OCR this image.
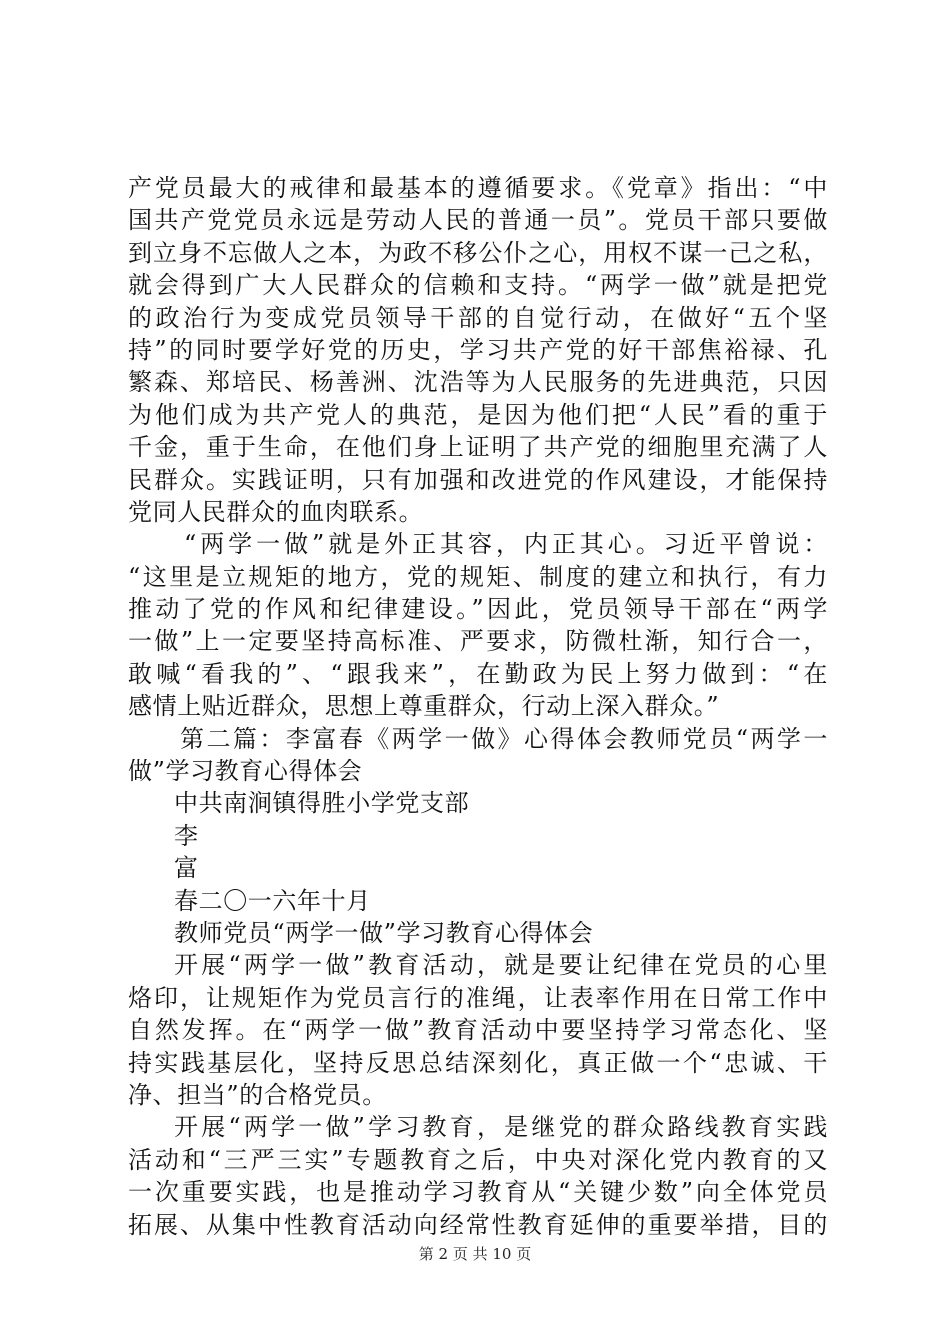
产党员最大的戒律和最基本的遵循要求。《党章》指出：“中
国共产党党员永远是劳动人民的普通一员”。党员干部只要做
到立身不忘做人之本，为政不移公仆之心，用权不谋一己之私，
就会得到广大人民群众的信赖和支持。“两学一做”就是把党
的政治行为变成党员领导干部的自觉行动，在做好“五个坚
持”的同时要学好党的历史，学习共产党的好干部焦裕禄、孔
繁森、郑培民、杨善洲、沈浩等为人民服务的先进典范，只因
为他们成为共产党人的典范，是因为他们把“人民”看的重于
千金，重于生命，在他们身上证明了共产党的细胞里充满了人
民群众。实践证明，只有加强和改进党的作风建设，才能保持
党同人民群众的血肉联系。
“两学一做”就是外正其容，内正其心。习近平曾说：
“这里是立规矩的地方，党的规矩、制度的建立和执行，有力
推动了党的作风和纪律建设。”因此，党员领导干部在“两学
一做”上一定要坚持高标准、严要求，防微杜渐，知行合一，
敢喊“看我的”、“跟我来”，在勤政为民上努力做到：“在
感情上贴近群众，思想上尊重群众，行动上深入群众。”
第二篇：李富春《两学一做》心得体会教师党员“两学一
做”学习教育心得体会
中共南涧镇得胜小学党支部
李
富
春二〇一六年十月
教师党员“两学一做”学习教育心得体会
开展“两学一做”教育活动，就是要让纪律在党员的心里
烙印，让规矩作为党员言行的准绳，让表率作用在日常工作中
自然发挥。在“两学一做”教育活动中要坚持学习常态化、坚
持实践基层化，坚持反思总结深刻化，真正做一个“忠诚、干
净、担当”的合格党员。
开展“两学一做”学习教育，是继党的群众路线教育实践
活动和“三严三实”专题教育之后，中央对深化党内教育的又
一次重要实践，也是推动学习教育从“关键少数”向全体党员
拓展、从集中性教育活动向经常性教育延伸的重要举措，目的
第 2 页 共 10 页
